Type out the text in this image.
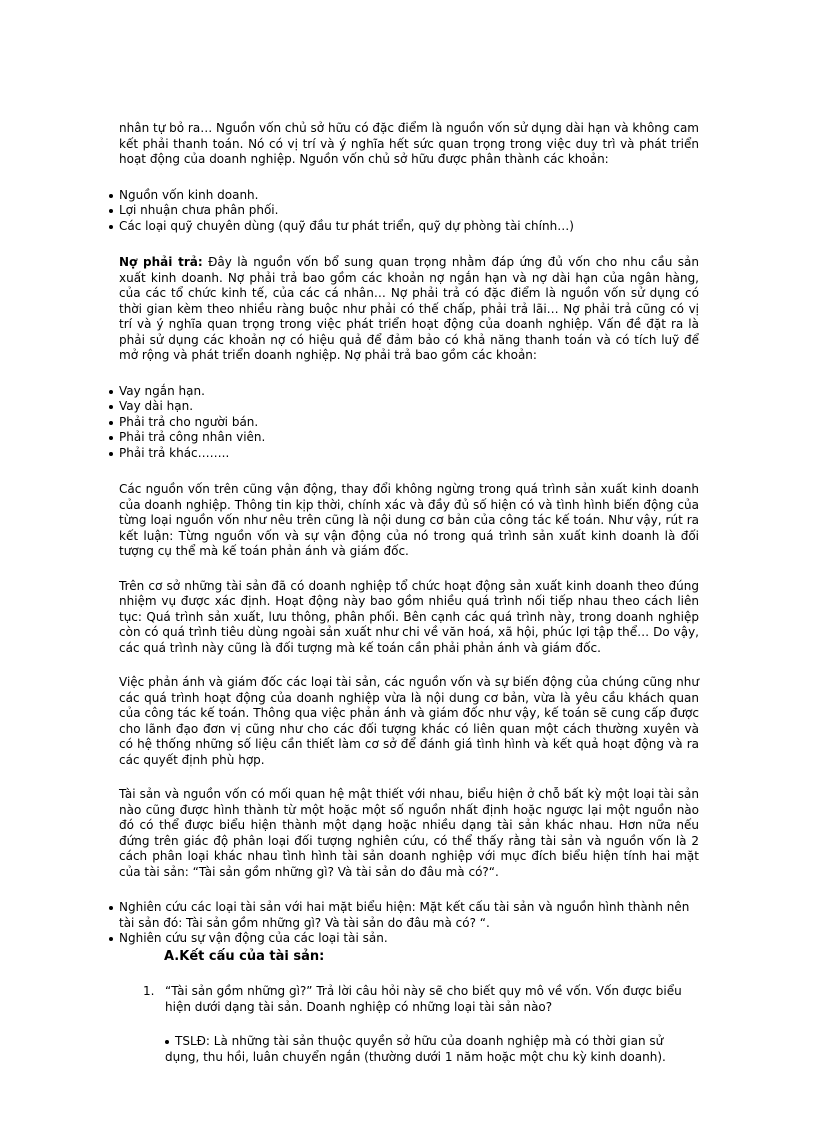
nhân tự bỏ ra… Nguồn vốn chủ sở hữu có đặc điểm là nguồn vốn sử dụng dài hạn và không cam kết phải thanh toán. Nó có vị trí và ý nghĩa hết sức quan trọng trong việc duy trì và phát triển hoạt động của doanh nghiệp. Nguồn vốn chủ sở hữu được phân thành các khoản:

Nguồn vốn kinh doanh.
Lợi nhuận chưa phân phối.
Các loại quỹ chuyên dùng (quỹ đầu tư phát triển, quỹ dự phòng tài chính…)

Nợ phải trả: Đây là nguồn vốn bổ sung quan trọng nhằm đáp ứng đủ vốn cho nhu cầu sản xuất kinh doanh. Nợ phải trả bao gồm các khoản nợ ngắn hạn và nợ dài hạn của ngân hàng, của các tổ chức kinh tế, của các cá nhân… Nợ phải trả có đặc điểm là nguồn vốn sử dụng có thời gian kèm theo nhiều ràng buộc như phải có thế chấp, phải trả lãi… Nợ phải trả cũng có vị trí và ý nghĩa quan trọng trong việc phát triển hoạt động của doanh nghiệp. Vấn đề đặt ra là phải sử dụng các khoản nợ có hiệu quả để đảm bảo có khả năng thanh toán và có tích luỹ để mở rộng và phát triển doanh nghiệp. Nợ phải trả bao gồm các khoản:

Vay ngắn hạn.
Vay dài hạn.
Phải trả cho người bán.
Phải trả công nhân viên.
Phải trả khác……..

Các nguồn vốn trên cũng vận động, thay đổi không ngừng trong quá trình sản xuất kinh doanh của doanh nghiệp. Thông tin kịp thời, chính xác và đầy đủ số hiện có và tình hình biến động của từng loại nguồn vốn như nêu trên cũng là nội dung cơ bản của công tác kế toán. Như vậy, rút ra kết luận: Từng nguồn vốn và sự vận động của nó trong quá trình sản xuất kinh doanh là đối tượng cụ thể mà kế toán phản ánh và giám đốc.

Trên cơ sở những tài sản đã có doanh nghiệp tổ chức hoạt động sản xuất kinh doanh theo đúng nhiệm vụ được xác định. Hoạt động này bao gồm nhiều quá trình nối tiếp nhau theo cách liên tục: Quá trình sản xuất, lưu thông, phân phối. Bên cạnh các quá trình này, trong doanh nghiệp còn có quá trình tiêu dùng ngoài sản xuất như chi về văn hoá, xã hội, phúc lợi tập thể… Do vậy, các quá trình này cũng là đối tượng mà kế toán cần phải phản ánh và giám đốc.

Việc phản ánh và giám đốc các loại tài sản, các nguồn vốn và sự biến động của chúng cũng như các quá trình hoạt động của doanh nghiệp vừa là nội dung cơ bản, vừa là yêu cầu khách quan của công tác kế toán. Thông qua việc phản ánh và giám đốc như vậy, kế toán sẽ cung cấp được cho lãnh đạo đơn vị cũng như cho các đối tượng khác có liên quan một cách thường xuyên và có hệ thống những số liệu cần thiết làm cơ sở để đánh giá tình hình và kết quả hoạt động và ra các quyết định phù hợp.

Tài sản và nguồn vốn có mối quan hệ mật thiết với nhau, biểu hiện ở chỗ bất kỳ một loại tài sản nào cũng được hình thành từ một hoặc một số nguồn nhất định hoặc ngược lại một nguồn nào đó có thể được biểu hiện thành một dạng hoặc nhiều dạng tài sản khác nhau. Hơn nữa nếu đứng trên giác độ phân loại đối tượng nghiên cứu, có thể thấy rằng tài sản và nguồn vốn là 2 cách phân loại khác nhau tình hình tài sản doanh nghiệp với mục đích biểu hiện tính hai mặt của tài sản: “Tài sản gồm những gì? Và tài sản do đâu mà có?“.

Nghiên cứu các loại tài sản với hai mặt biểu hiện: Mặt kết cấu tài sản và nguồn hình thành nên tài sản đó: Tài sản gồm những gì? Và tài sản do đâu mà có? “.
Nghiên cứu sự vận động của các loại tài sản.
A.Kết cấu của tài sản:
1. “Tài sản gồm những gì?” Trả lời câu hỏi này sẽ cho biết quy mô về vốn. Vốn được biểu hiện dưới dạng tài sản. Doanh nghiệp có những loại tài sản nào?
TSLĐ: Là những tài sản thuộc quyền sở hữu của doanh nghiệp mà có thời gian sử dụng, thu hồi, luân chuyển ngắn (thường dưới 1 năm hoặc một chu kỳ kinh doanh).
